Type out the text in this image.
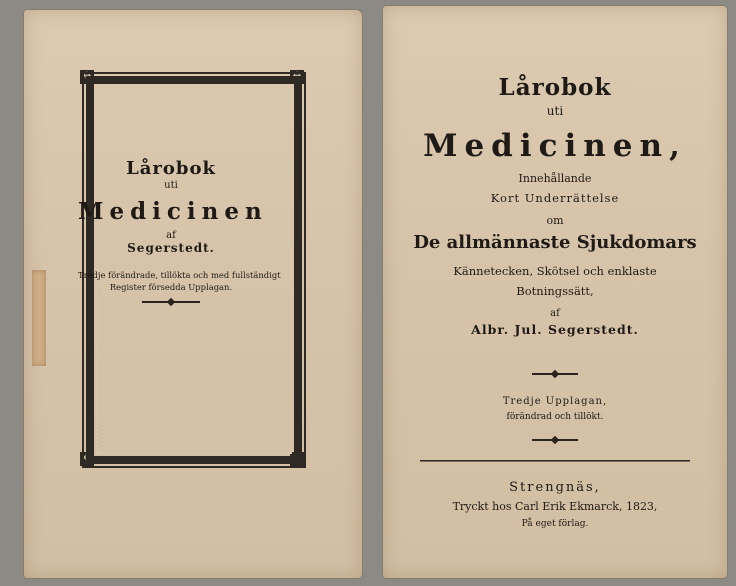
✥	✥
✥	✥
Lårobok
uti
Medicinen
af
Segerstedt.
Tredje förändrade, tillökta och med fullständigt
Register försedda Upplagan.
Lårobok
uti
Medicinen,
Innehållande
Kort Underrättelse
om
De allmännaste Sjukdomars
Kännetecken, Skötsel och enklaste
Botningssätt,
af
Albr. Jul. Segerstedt.
Tredje Upplagan,
förändrad och tillökt.
Strengnäs,
Tryckt hos Carl Erik Ekmarck, 1823,
På eget förlag.
